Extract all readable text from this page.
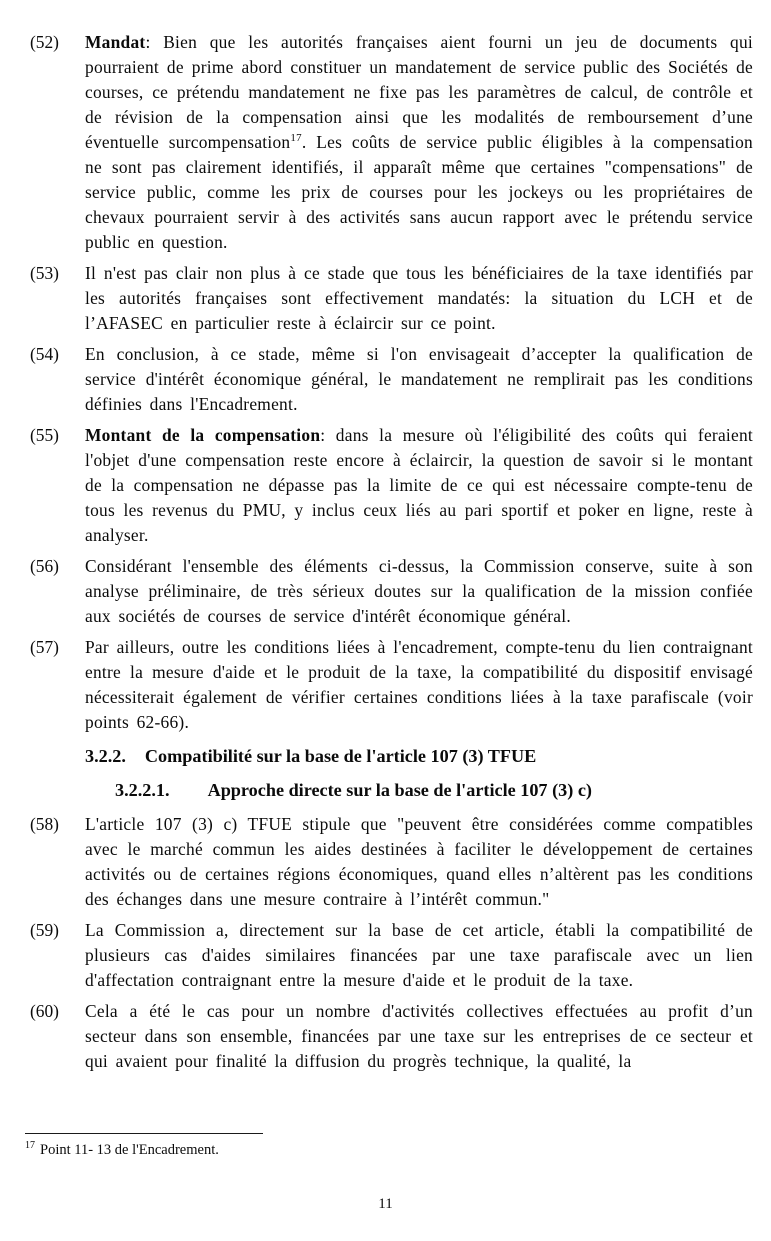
(52)	Mandat: Bien que les autorités françaises aient fourni un jeu de documents qui pourraient de prime abord constituer un mandatement de service public des Sociétés de courses, ce prétendu mandatement ne fixe pas les paramètres de calcul, de contrôle et de révision de la compensation ainsi que les modalités de remboursement d’une éventuelle surcompensation$^{17}$. Les coûts de service public éligibles à la compensation ne sont pas clairement identifiés, il apparaît même que certaines "compensations" de service public, comme les prix de courses pour les jockeys ou les propriétaires de chevaux pourraient servir à des activités sans aucun rapport avec le prétendu service public en question.
(53)	Il n'est pas clair non plus à ce stade que tous les bénéficiaires de la taxe identifiés par les autorités françaises sont effectivement mandatés: la situation du LCH et de l’AFASEC en particulier reste à éclaircir sur ce point.
(54)	En conclusion, à ce stade, même si l'on envisageait d’accepter la qualification de service d'intérêt économique général, le mandatement ne remplirait pas les conditions définies dans l'Encadrement.
(55)	Montant de la compensation: dans la mesure où l'éligibilité des coûts qui feraient l'objet d'une compensation reste encore à éclaircir, la question de savoir si le montant de la compensation ne dépasse pas la limite de ce qui est nécessaire compte-tenu de tous les revenus du PMU, y inclus ceux liés au pari sportif et poker en ligne, reste à analyser.
(56)	Considérant l'ensemble des éléments ci-dessus, la Commission conserve, suite à son analyse préliminaire, de très sérieux doutes sur la qualification de la mission confiée aux sociétés de courses de service d'intérêt économique général.
(57)	Par ailleurs, outre les conditions liées à l'encadrement, compte-tenu du lien contraignant entre la mesure d'aide et le produit de la taxe, la compatibilité du dispositif envisagé nécessiterait également de vérifier certaines conditions liées à la taxe parafiscale (voir points 62-66).
3.2.2. Compatibilité sur la base de l'article 107 (3) TFUE
3.2.2.1. Approche directe sur la base de l'article 107 (3) c)
(58)	L'article 107 (3) c) TFUE stipule que "peuvent être considérées comme compatibles avec le marché commun les aides destinées à faciliter le développement de certaines activités ou de certaines régions économiques, quand elles n’altèrent pas les conditions des échanges dans une mesure contraire à l’intérêt commun."
(59)	La Commission a, directement sur la base de cet article, établi la compatibilité de plusieurs cas d'aides similaires financées par une taxe parafiscale avec un lien d'affectation contraignant entre la mesure d'aide et le produit de la taxe.
(60)	Cela a été le cas pour un nombre d'activités collectives effectuées au profit d’un secteur dans son ensemble, financées par une taxe sur les entreprises de ce secteur et qui avaient pour finalité la diffusion du progrès technique, la qualité, la
$^{17}$ Point 11- 13 de l'Encadrement.
11
